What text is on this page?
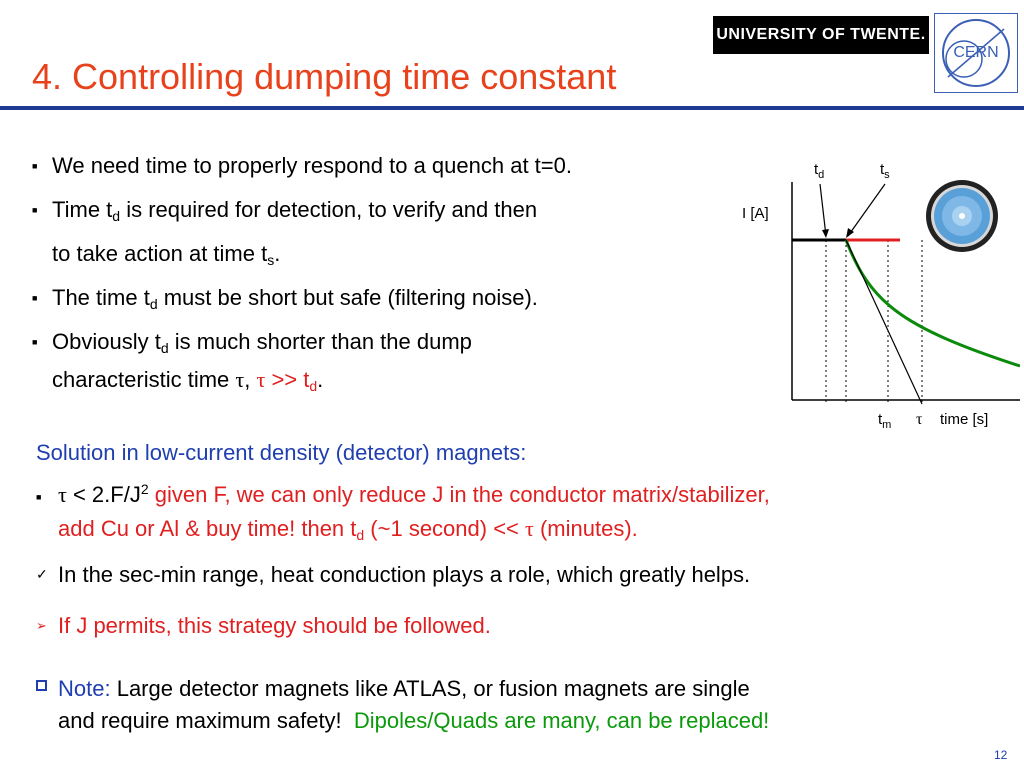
4. Controlling dumping time constant
UNIVERSITY OF TWENTE.
CERN
■ We need time to properly respond to a quench at t=0.
■ Time $t_d$ is required for detection, to verify and then
to take action at time $t_s$.
■ The time $t_d$ must be short but safe (filtering noise).
■ Obviously $t_d$ is much shorter than the dump
characteristic time τ, $\tau >> t_d$.
I [A]
$t_d$	$t_s$
$t_m$ τ time [s]
Solution in low-current density (detector) magnets:
■ $\tau < 2.F/J^2$ given F, we can only reduce J in the conductor matrix/stabilizer,
add Cu or Al & buy time! then $t_d$ (~1 second) << τ (minutes).
✓ In the sec-min range, heat conduction plays a role, which greatly helps.
➢ If J permits, this strategy should be followed.
Note: Large detector magnets like ATLAS, or fusion magnets are single
and require maximum safety! Dipoles/Quads are many, can be replaced!
12
